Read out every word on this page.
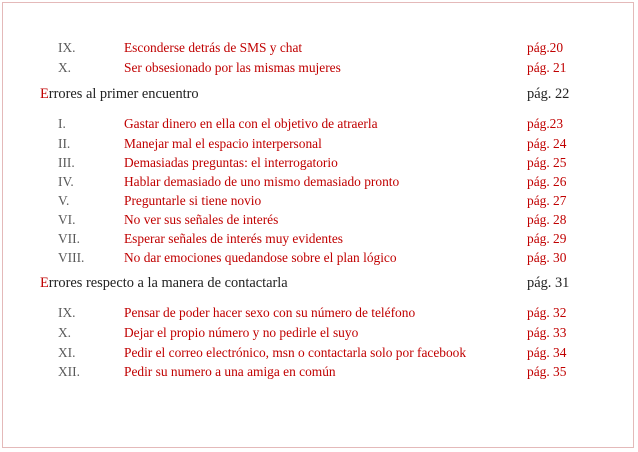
IX.	Esconderse detrás de SMS y chat	pág.20
X.	Ser obsesionado por las mismas mujeres	pág. 21
Errores al primer encuentro	pág. 22
I.	Gastar dinero en ella con el objetivo de atraerla	pág.23
II.	Manejar mal el espacio interpersonal	pág. 24
III.	Demasiadas preguntas: el interrogatorio	pág. 25
IV.	Hablar demasiado de uno mismo demasiado pronto	pág. 26
V.	Preguntarle si tiene novio	pág. 27
VI.	No ver sus señales de interés	pág. 28
VII.	Esperar señales de interés muy evidentes	pág. 29
VIII.	No dar emociones quedandose sobre el plan lógico	pág. 30
Errores respecto a la manera de contactarla	pág. 31
IX.	Pensar de poder hacer sexo con su número de teléfono	pág. 32
X.	Dejar el propio número y no pedirle el suyo	pág. 33
XI.	Pedir el correo electrónico, msn o contactarla solo por facebook	pág. 34
XII.	Pedir su numero a una amiga en común	pág. 35
